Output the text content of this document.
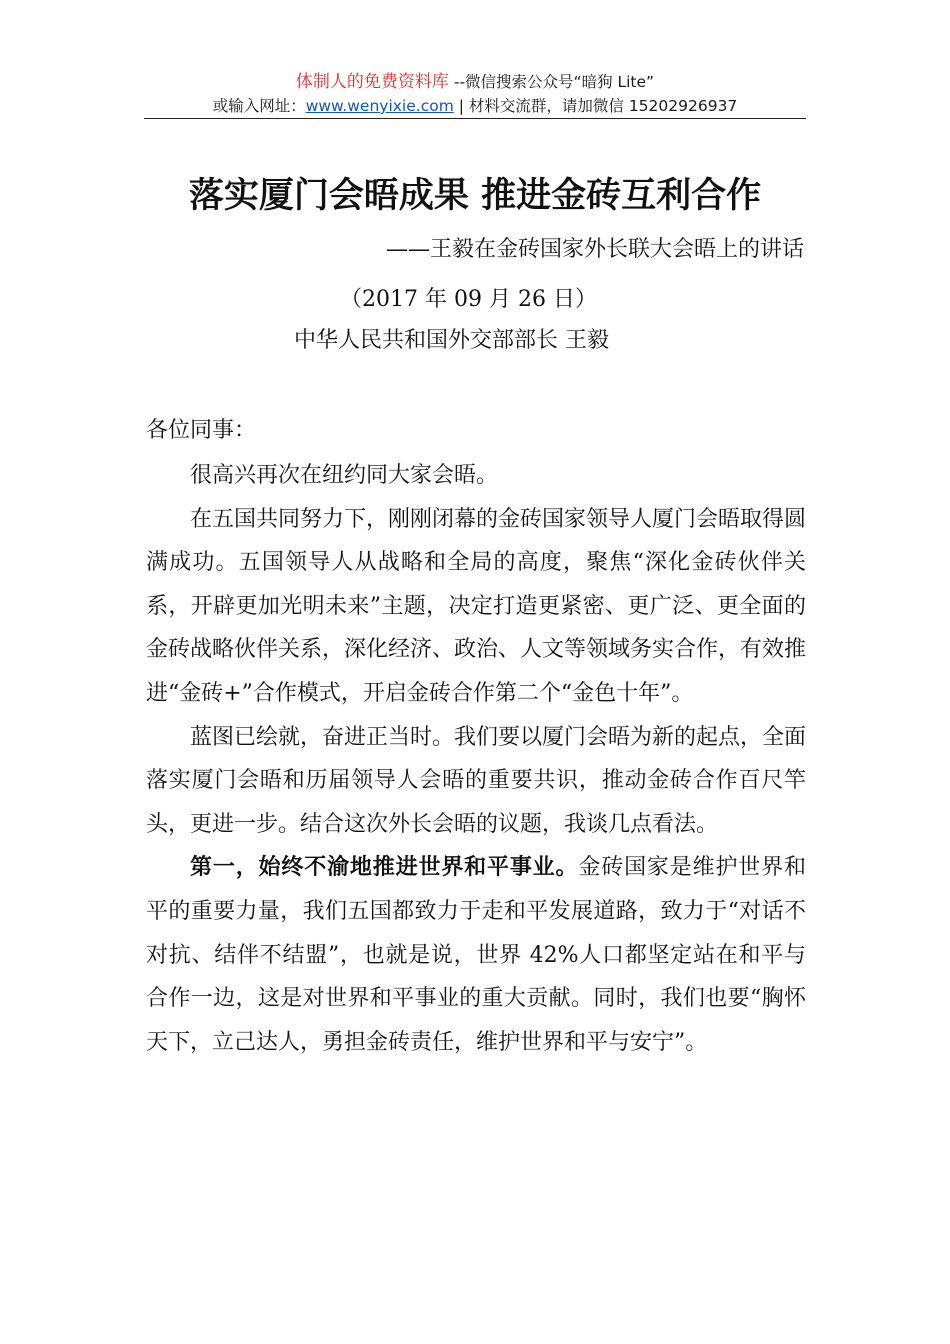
体制人的免费资料库 --微信搜索公众号“暗狗 Lite”
或输入网址：www.wenyixie.com | 材料交流群，请加微信 15202926937
落实厦门会晤成果 推进金砖互利合作
——王毅在金砖国家外长联大会晤上的讲话
（2017 年 09 月 26 日）
中华人民共和国外交部部长 王毅
各位同事：

很高兴再次在纽约同大家会晤。

在五国共同努力下，刚刚闭幕的金砖国家领导人厦门会晤取得圆满成功。五国领导人从战略和全局的高度，聚焦“深化金砖伙伴关系，开辟更加光明未来”主题，决定打造更紧密、更广泛、更全面的金砖战略伙伴关系，深化经济、政治、人文等领域务实合作，有效推进“金砖+”合作模式，开启金砖合作第二个“金色十年”。

蓝图已绘就，奋进正当时。我们要以厦门会晤为新的起点，全面落实厦门会晤和历届领导人会晤的重要共识，推动金砖合作百尺竿头，更进一步。结合这次外长会晤的议题，我谈几点看法。

第一，始终不渝地推进世界和平事业。金砖国家是维护世界和平的重要力量，我们五国都致力于走和平发展道路，致力于“对话不对抗、结伴不结盟”，也就是说，世界 42%人口都坚定站在和平与合作一边，这是对世界和平事业的重大贡献。同时，我们也要“胸怀天下，立己达人，勇担金砖责任，维护世界和平与安宁”。
